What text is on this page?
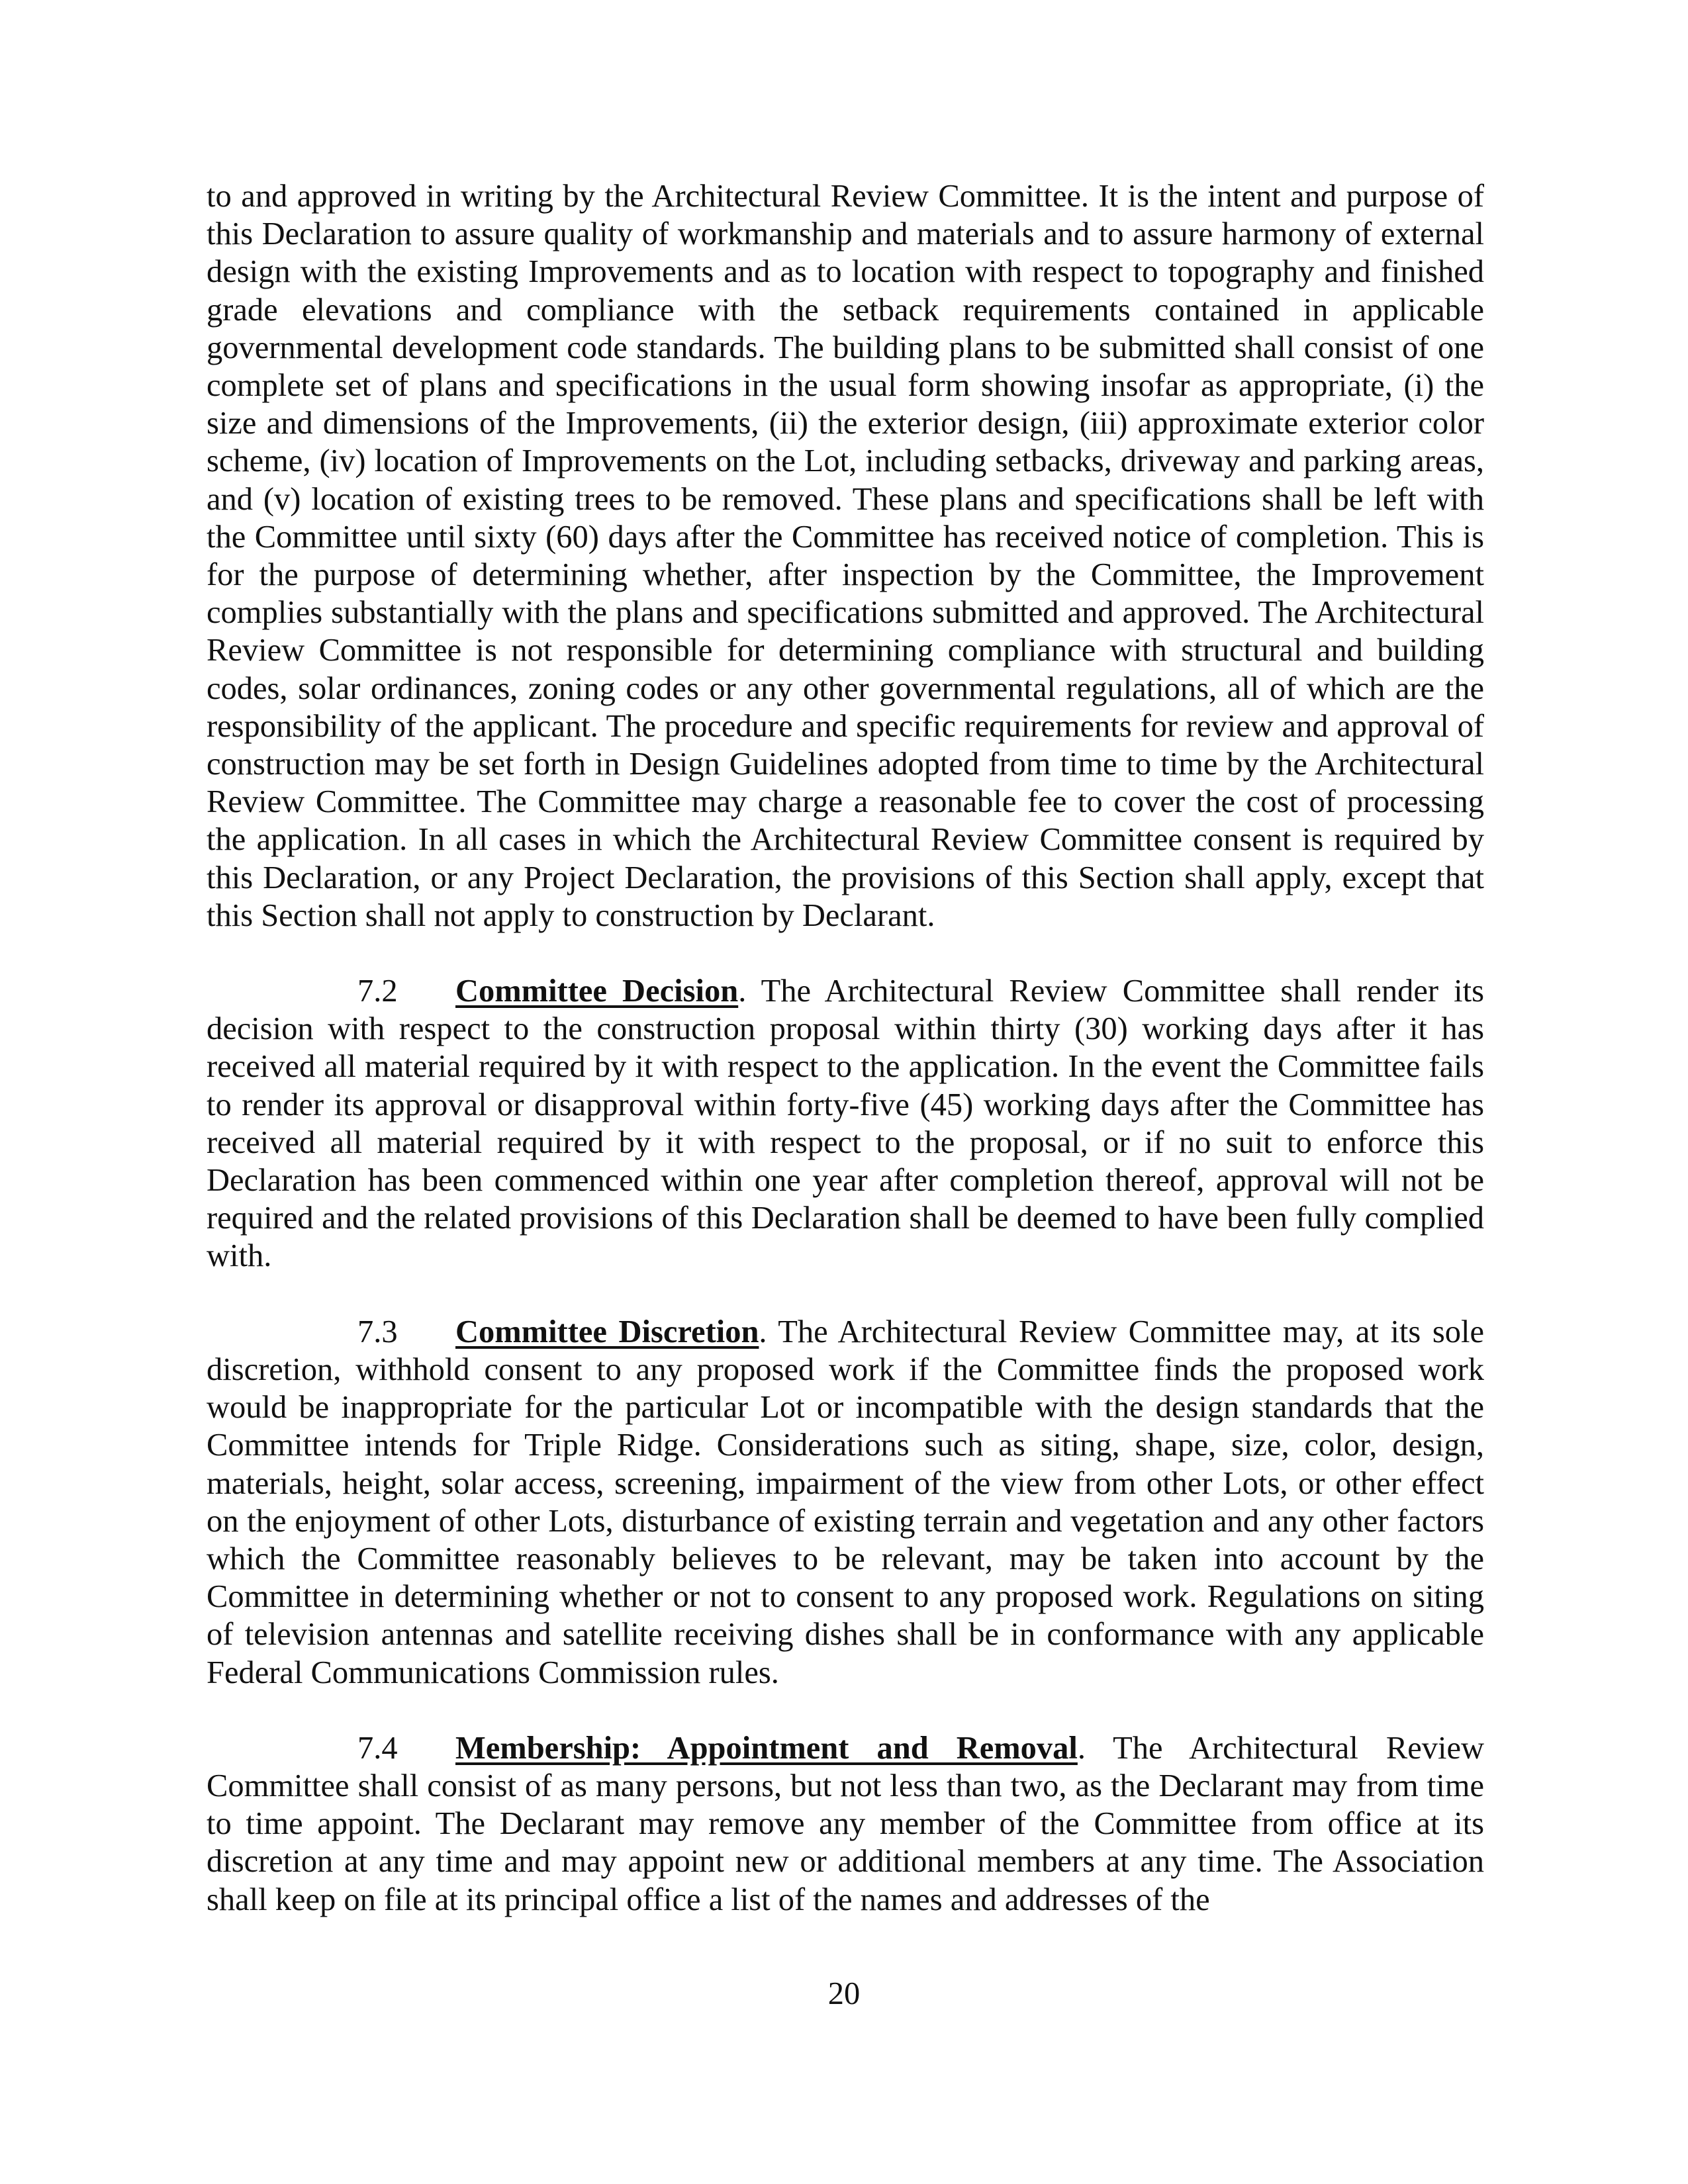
to and approved in writing by the Architectural Review Committee. It is the intent and purpose of this Declaration to assure quality of workmanship and materials and to assure harmony of external design with the existing Improvements and as to location with respect to topography and finished grade elevations and compliance with the setback requirements contained in applicable governmental development code standards. The building plans to be submitted shall consist of one complete set of plans and specifications in the usual form showing insofar as appropriate, (i) the size and dimensions of the Improvements, (ii) the exterior design, (iii) approximate exterior color scheme, (iv) location of Improvements on the Lot, including setbacks, driveway and parking areas, and (v) location of existing trees to be removed. These plans and specifications shall be left with the Committee until sixty (60) days after the Committee has received notice of completion. This is for the purpose of determining whether, after inspection by the Committee, the Improvement complies substantially with the plans and specifications submitted and approved. The Architectural Review Committee is not responsible for determining compliance with structural and building codes, solar ordinances, zoning codes or any other governmental regulations, all of which are the responsibility of the applicant. The procedure and specific requirements for review and approval of construction may be set forth in Design Guidelines adopted from time to time by the Architectural Review Committee. The Committee may charge a reasonable fee to cover the cost of processing the application. In all cases in which the Architectural Review Committee consent is required by this Declaration, or any Project Declaration, the provisions of this Section shall apply, except that this Section shall not apply to construction by Declarant.

7.2 Committee Decision. The Architectural Review Committee shall render its decision with respect to the construction proposal within thirty (30) working days after it has received all material required by it with respect to the application. In the event the Committee fails to render its approval or disapproval within forty-five (45) working days after the Committee has received all material required by it with respect to the proposal, or if no suit to enforce this Declaration has been commenced within one year after completion thereof, approval will not be required and the related provisions of this Declaration shall be deemed to have been fully complied with.

7.3 Committee Discretion. The Architectural Review Committee may, at its sole discretion, withhold consent to any proposed work if the Committee finds the proposed work would be inappropriate for the particular Lot or incompatible with the design standards that the Committee intends for Triple Ridge. Considerations such as siting, shape, size, color, design, materials, height, solar access, screening, impairment of the view from other Lots, or other effect on the enjoyment of other Lots, disturbance of existing terrain and vegetation and any other factors which the Committee reasonably believes to be relevant, may be taken into account by the Committee in determining whether or not to consent to any proposed work. Regulations on siting of television antennas and satellite receiving dishes shall be in conformance with any applicable Federal Communications Commission rules.

7.4 Membership: Appointment and Removal. The Architectural Review Committee shall consist of as many persons, but not less than two, as the Declarant may from time to time appoint. The Declarant may remove any member of the Committee from office at its discretion at any time and may appoint new or additional members at any time. The Association shall keep on file at its principal office a list of the names and addresses of the

20
